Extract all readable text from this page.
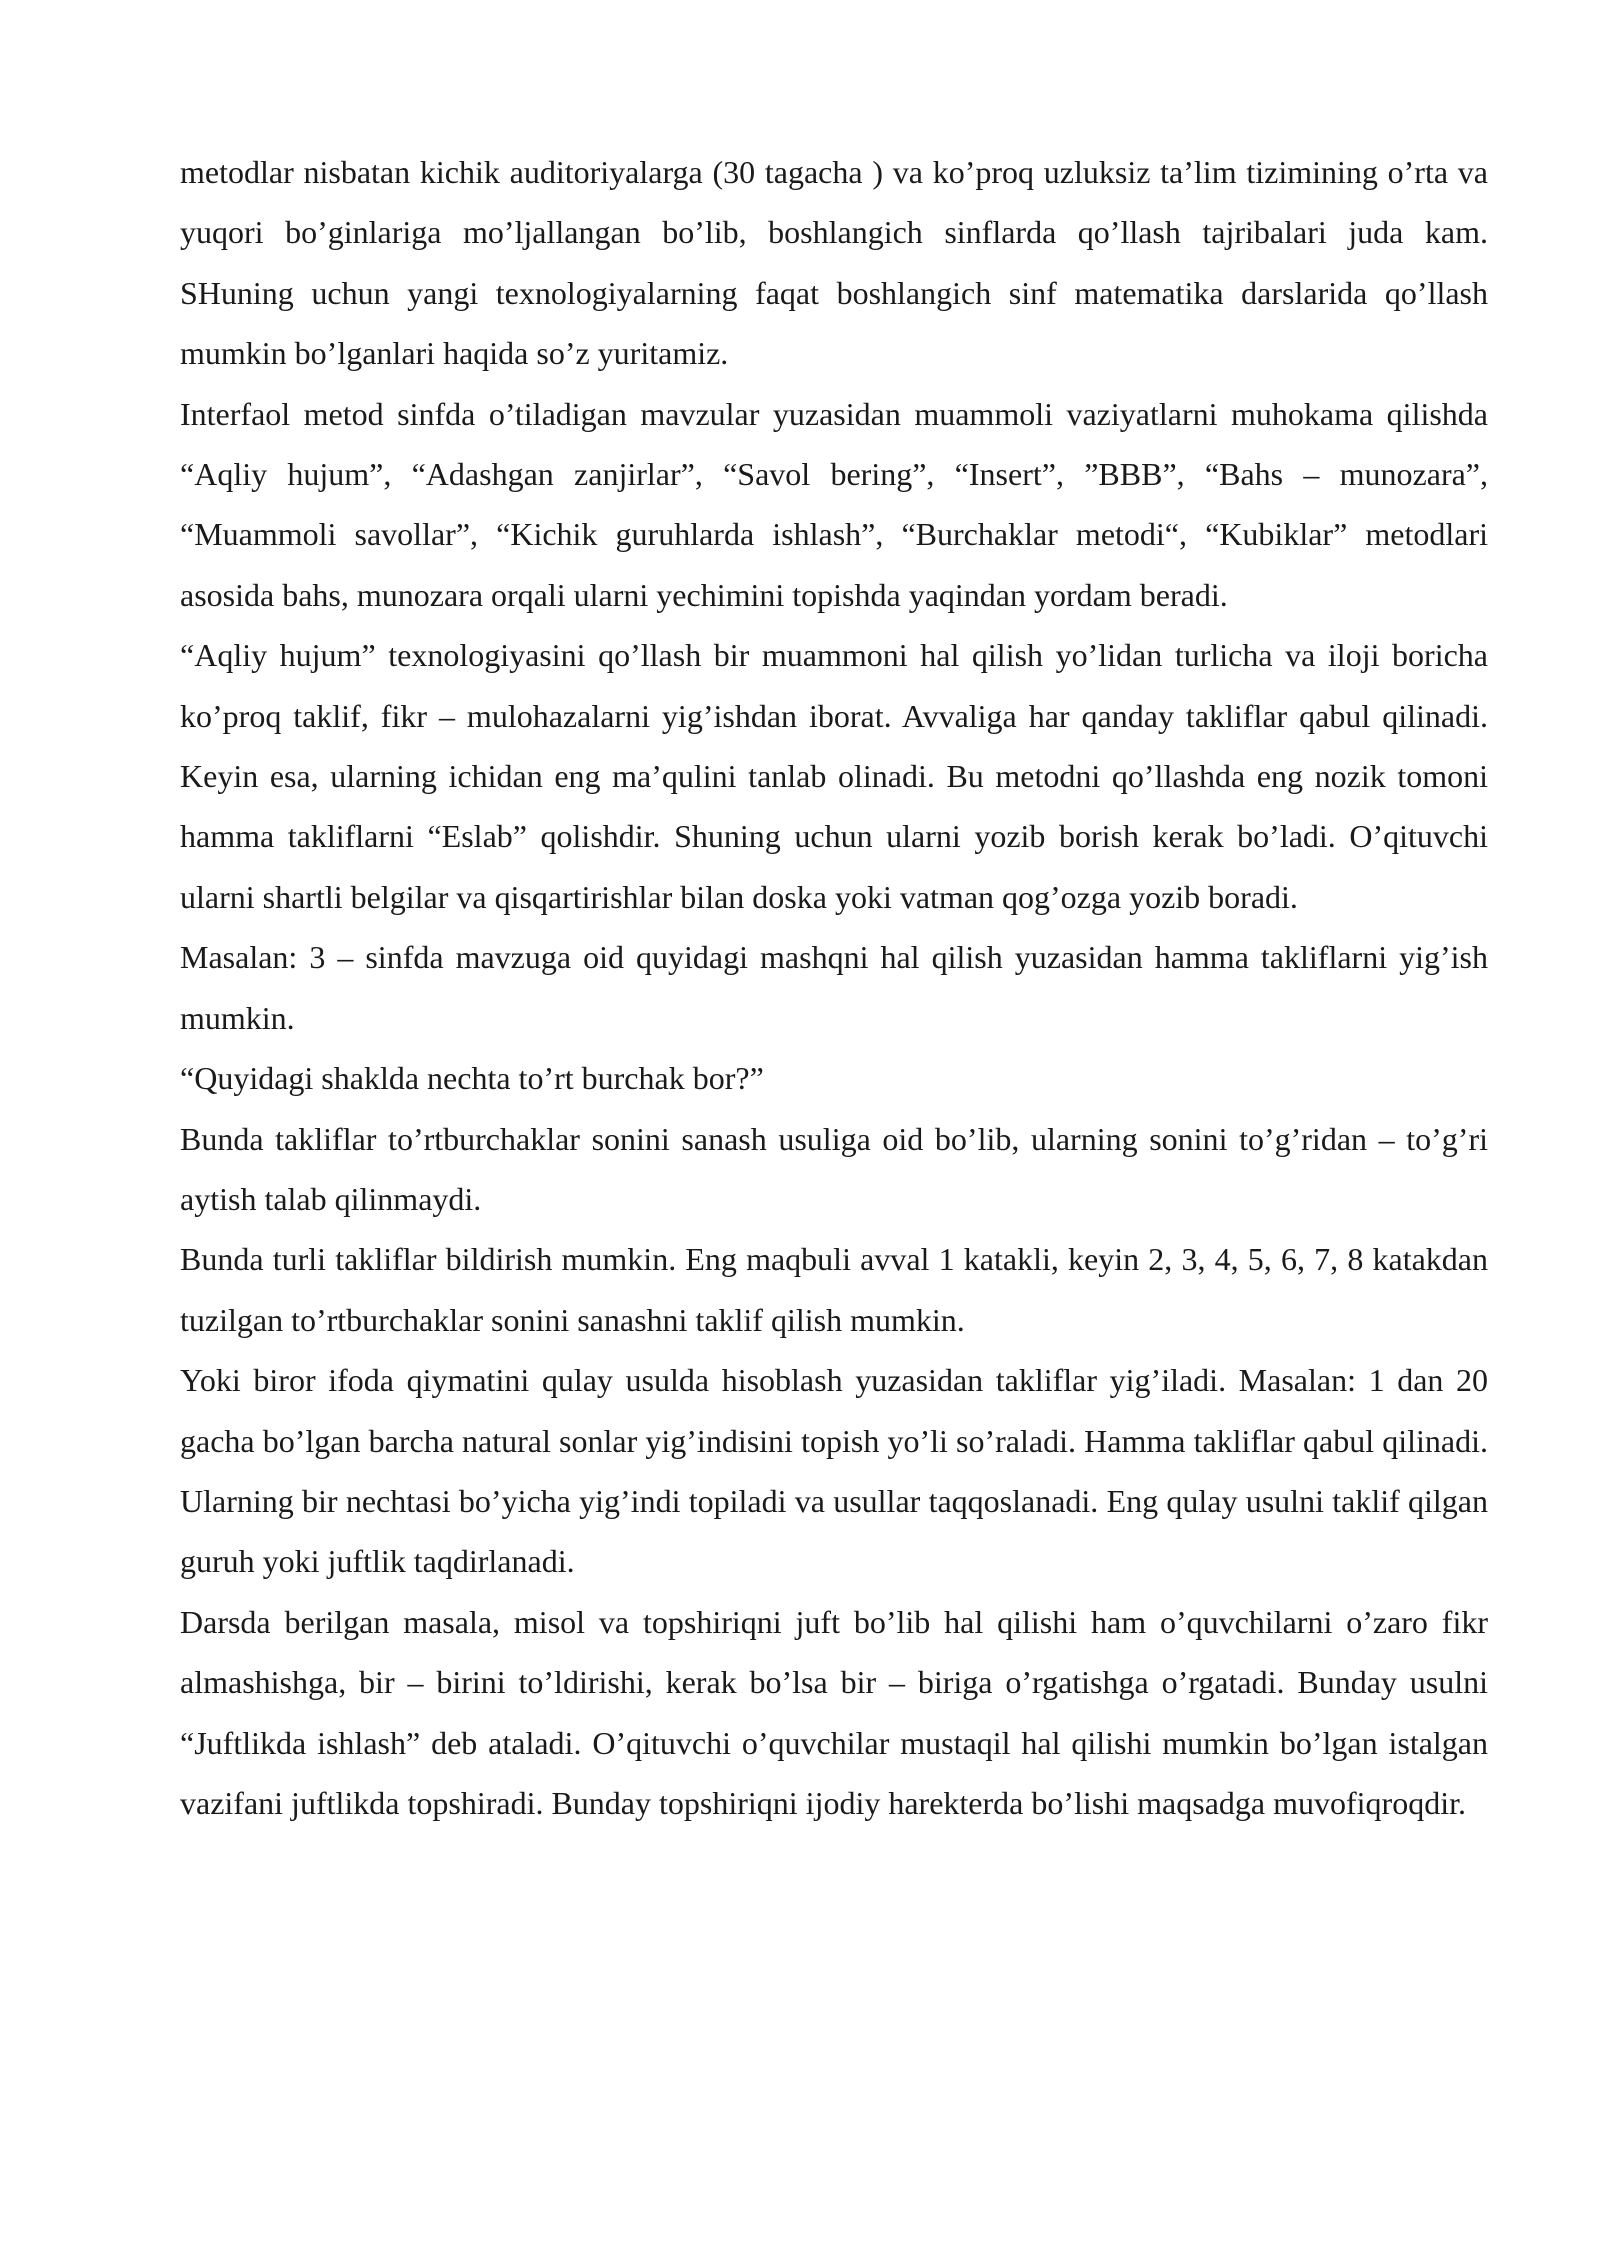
metodlar nisbatan kichik auditoriyalarga (30 tagacha ) va ko’proq uzluksiz ta’lim tizimining o’rta va yuqori bo’ginlariga mo’ljallangan bo’lib, boshlangich sinflarda qo’llash tajribalari juda kam. SHuning uchun yangi texnologiyalarning faqat boshlangich sinf matematika darslarida qo’llash mumkin bo’lganlari haqida so’z yuritamiz.

Interfaol metod sinfda o’tiladigan mavzular yuzasidan muammoli vaziyatlarni muhokama qilishda “Aqliy hujum”, “Adashgan zanjirlar”, “Savol bering”, “Insert”, ”BBB”, “Bahs – munozara”, “Muammoli savollar”, “Kichik guruhlarda ishlash”, “Burchaklar metodi“, “Kubiklar” metodlari asosida bahs, munozara orqali ularni yechimini topishda yaqindan yordam beradi.

“Aqliy hujum” texnologiyasini qo’llash bir muammoni hal qilish yo’lidan turlicha va iloji boricha ko’proq taklif, fikr – mulohazalarni yig’ishdan iborat. Avvaliga har qanday takliflar qabul qilinadi. Keyin esa, ularning ichidan eng ma’qulini tanlab olinadi. Bu metodni qo’llashda eng nozik tomoni hamma takliflarni “Eslab” qolishdir. Shuning uchun ularni yozib borish kerak bo’ladi. O’qituvchi ularni shartli belgilar va qisqartirishlar bilan doska yoki vatman qog’ozga yozib boradi.

Masalan: 3 – sinfda mavzuga oid quyidagi mashqni hal qilish yuzasidan hamma takliflarni yig’ish mumkin.

“Quyidagi shakldа nechta to’rt burchak bor?”

Bunda takliflar to’rtburchaklar sonini sanash usuliga oid bo’lib, ularning sonini to’g’ridan – to’g’ri aytish talab qilinmaydi.

Bunda turli takliflar bildirish mumkin. Eng maqbuli avval 1 katakli, keyin 2, 3, 4, 5, 6, 7, 8 katakdan tuzilgan to’rtburchaklar sonini sanashni taklif qilish mumkin.

Yoki biror ifoda qiymatini qulay usulda hisoblash yuzasidan takliflar yig’iladi. Masalan: 1 dan 20 gacha bo’lgan barcha natural sonlar yig’indisini topish yo’li so’raladi. Hamma takliflar qabul qilinadi. Ularning bir nechtasi bo’yicha yig’indi topiladi va usullar taqqoslanadi. Eng qulay usulni taklif qilgan guruh yoki juftlik taqdirlanadi.

Darsda berilgan masala, misol va topshiriqni juft bo’lib hal qilishi ham o’quvchilarni o’zaro fikr almashishga, bir – birini to’ldirishi, kerak bo’lsa bir – biriga o’rgatishga o’rgatadi. Bunday usulni “Juftlikda ishlash” deb ataladi. O’qituvchi o’quvchilar mustaqil hal qilishi mumkin bo’lgan istalgan vazifani juftlikda topshiradi. Bunday topshiriqni ijodiy harekterda bo’lishi maqsadga muvofiqroqdir.
